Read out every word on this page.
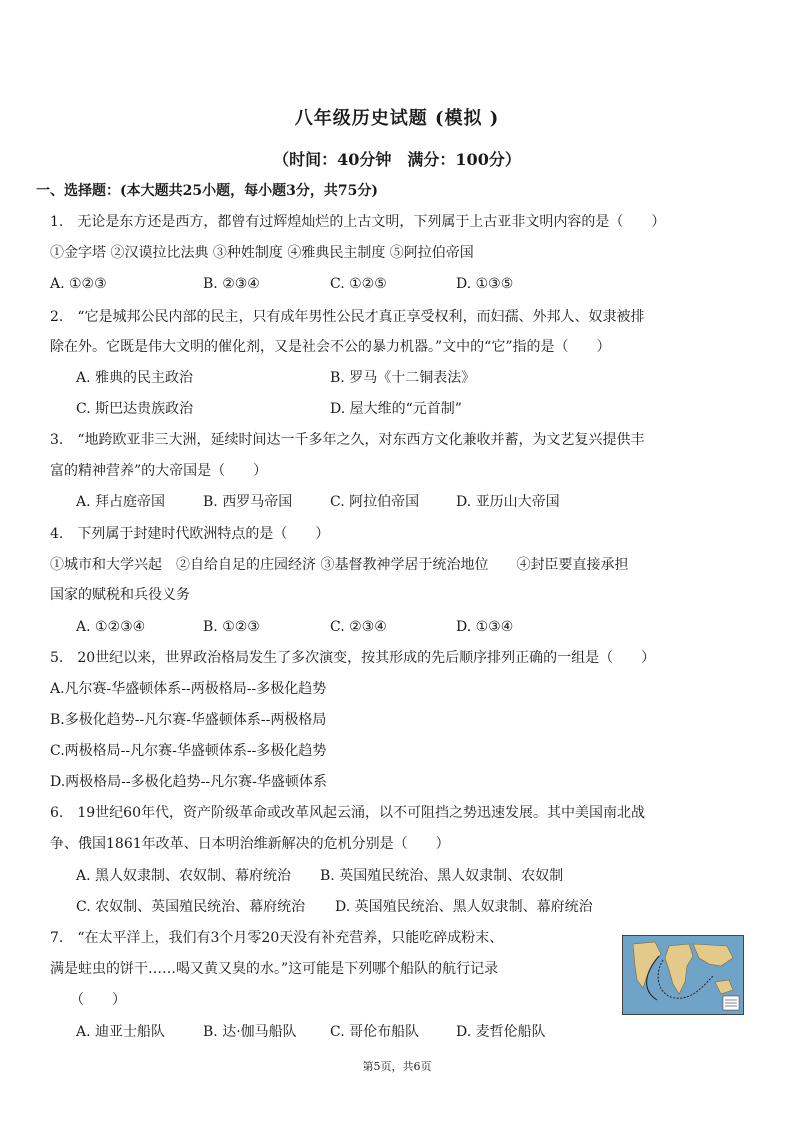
八年级历史试题 (模拟 )
（时间：40分钟　满分：100分）
一、选择题：(本大题共25小题，每小题3分，共75分)
1.　无论是东方还是西方，都曾有过辉煌灿烂的上古文明，下列属于上古亚非文明内容的是（　　）
①金字塔 ②汉谟拉比法典 ③种姓制度 ④雅典民主制度 ⑤阿拉伯帝国
A. ①②③	B. ②③④	C. ①②⑤	D. ①③⑤
2.　“它是城邦公民内部的民主，只有成年男性公民才真正享受权利，而妇孺、外邦人、奴隶被排
除在外。它既是伟大文明的催化剂，又是社会不公的暴力机器。”文中的“它”指的是（　　）
A. 雅典的民主政治	B. 罗马《十二铜表法》
C. 斯巴达贵族政治	D. 屋大维的“元首制”
3.　“地跨欧亚非三大洲，延续时间达一千多年之久，对东西方文化兼收并蓄，为文艺复兴提供丰
富的精神营养”的大帝国是（　　）
A. 拜占庭帝国	B. 西罗马帝国	C. 阿拉伯帝国	D. 亚历山大帝国
4.　下列属于封建时代欧洲特点的是（　　）
①城市和大学兴起　②自给自足的庄园经济 ③基督教神学居于统治地位　　④封臣要直接承担
国家的赋税和兵役义务
A. ①②③④	B. ①②③	C. ②③④	D. ①③④
5.　20世纪以来，世界政治格局发生了多次演变，按其形成的先后顺序排列正确的一组是（　　）
A.凡尔赛-华盛顿体系--两极格局--多极化趋势
B.多极化趋势--凡尔赛-华盛顿体系--两极格局
C.两极格局--凡尔赛-华盛顿体系--多极化趋势
D.两极格局--多极化趋势--凡尔赛-华盛顿体系
6.　19世纪60年代，资产阶级革命或改革风起云涌，以不可阻挡之势迅速发展。其中美国南北战
争、俄国1861年改革、日本明治维新解决的危机分别是（　　）
A. 黑人奴隶制、农奴制、幕府统治 B. 英国殖民统治、黑人奴隶制、农奴制
C. 农奴制、英国殖民统治、幕府统治 D. 英国殖民统治、黑人奴隶制、幕府统治
7.　“在太平洋上，我们有3个月零20天没有补充营养，只能吃碎成粉末、
满是蛀虫的饼干……喝又黄又臭的水。”这可能是下列哪个船队的航行记录
（　　）
A. 迪亚士船队	B. 达·伽马船队 C. 哥伦布船队	D. 麦哲伦船队
第5页，共6页
